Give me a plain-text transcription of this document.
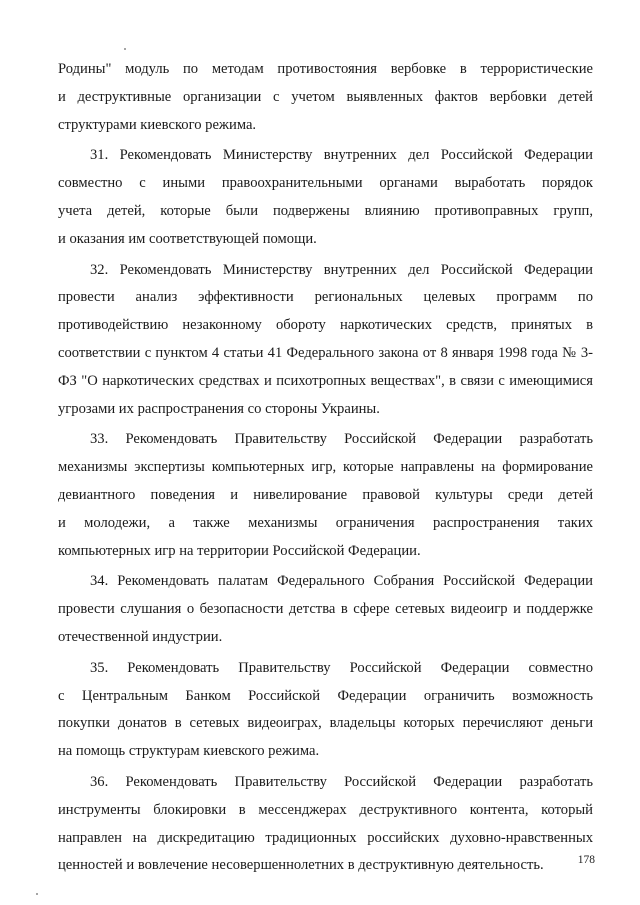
Родины" модуль по методам противостояния вербовке в террористические
и деструктивные организации с учетом выявленных фактов вербовки детей
структурами киевского режима.
31. Рекомендовать Министерству внутренних дел Российской Федерации
совместно с иными правоохранительными органами выработать порядок
учета детей, которые были подвержены влиянию противоправных групп,
и оказания им соответствующей помощи.
32. Рекомендовать Министерству внутренних дел Российской Федерации
провести анализ эффективности региональных целевых программ по
противодействию незаконному обороту наркотических средств, принятых в
соответствии с пунктом 4 статьи 41 Федерального закона от 8 января 1998 года № 3-
ФЗ "О наркотических средствах и психотропных веществах", в связи с имеющимися
угрозами их распространения со стороны Украины.
33. Рекомендовать Правительству Российской Федерации разработать
механизмы экспертизы компьютерных игр, которые направлены на формирование
девиантного поведения и нивелирование правовой культуры среди детей
и молодежи, а также механизмы ограничения распространения таких
компьютерных игр на территории Российской Федерации.
34. Рекомендовать палатам Федерального Собрания Российской Федерации
провести слушания о безопасности детства в сфере сетевых видеоигр и поддержке
отечественной индустрии.
35. Рекомендовать Правительству Российской Федерации совместно
с Центральным Банком Российской Федерации ограничить возможность
покупки донатов в сетевых видеоиграх, владельцы которых перечисляют деньги
на помощь структурам киевского режима.
36. Рекомендовать Правительству Российской Федерации разработать
инструменты блокировки в мессенджерах деструктивного контента, который
направлен на дискредитацию традиционных российских духовно-нравственных
ценностей и вовлечение несовершеннолетних в деструктивную деятельность.	178
